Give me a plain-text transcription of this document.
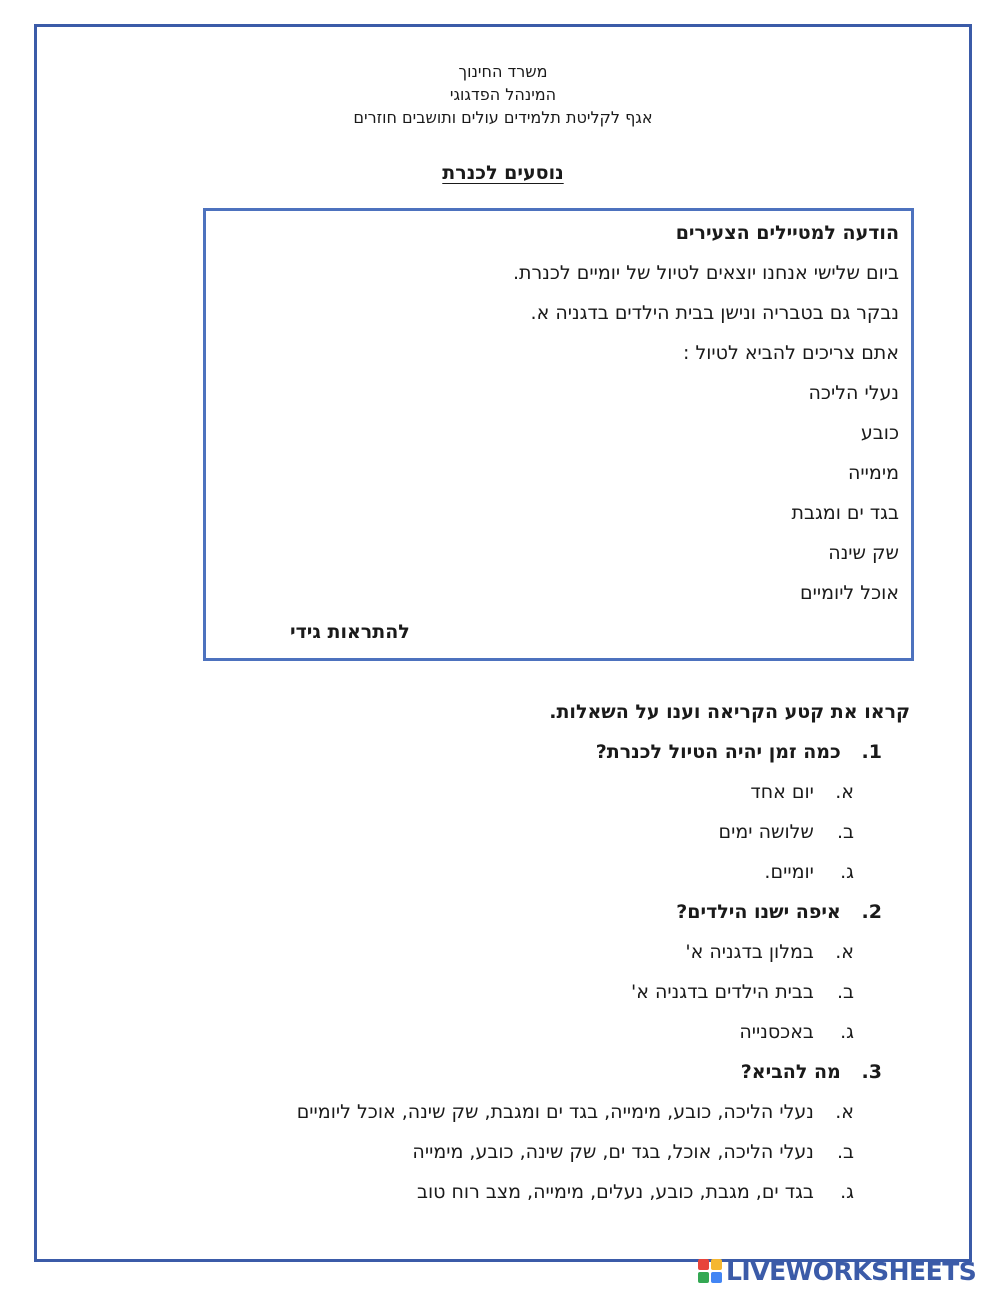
משרד החינוך
המינהל הפדגוגי
אגף לקליטת תלמידים עולים ותושבים חוזרים
נוסעים לכנרת
הודעה למטיילים הצעירים
ביום שלישי אנחנו יוצאים לטיול של יומיים לכנרת.
נבקר גם בטבריה ונישן בבית הילדים בדגניה א.
אתם צריכים להביא לטיול :
נעלי הליכה
כובע
מימייה
בגד ים ומגבת
שק שינה
אוכל ליומיים
להתראות גידי
קראו את קטע הקריאה וענו על השאלות.
1.  כמה זמן יהיה הטיול לכנרת?
א.  יום אחד
ב.  שלושה ימים
ג.  יומיים.
2.  איפה ישנו הילדים?
א.  במלון בדגניה א'
ב.  בבית הילדים בדגניה א'
ג.  באכסנייה
3.  מה להביא?
א.  נעלי הליכה, כובע, מימייה, בגד ים ומגבת, שק שינה, אוכל ליומיים
ב.  נעלי הליכה, אוכל, בגד ים, שק שינה, כובע, מימייה
ג.  בגד ים, מגבת, כובע, נעלים, מימייה, מצב רוח טוב
LIVEWORKSHEETS
